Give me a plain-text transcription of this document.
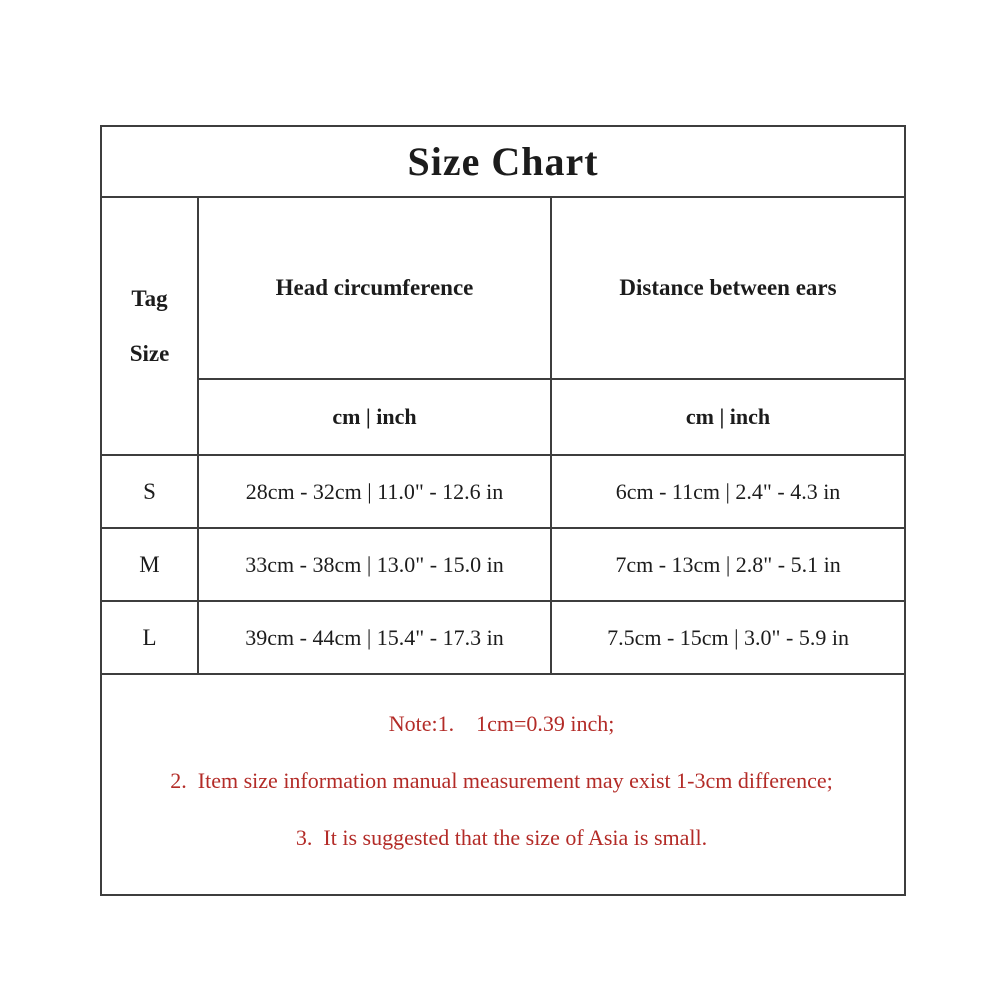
Size Chart		

Tag
Size	Head circumference	Distance between ears
	cm | inch	cm | inch
S	28cm - 32cm | 11.0" - 12.6 in	6cm - 11cm | 2.4" - 4.3 in
M	33cm - 38cm | 13.0" - 15.0 in	7cm - 13cm | 2.8" - 5.1 in
L	39cm - 44cm | 15.4" - 17.3 in	7.5cm - 15cm | 3.0" - 5.9 in

Note:1.    1cm=0.39 inch;

2.  Item size information manual measurement may exist 1-3cm difference;

3.  It is suggested that the size of Asia is small.		
